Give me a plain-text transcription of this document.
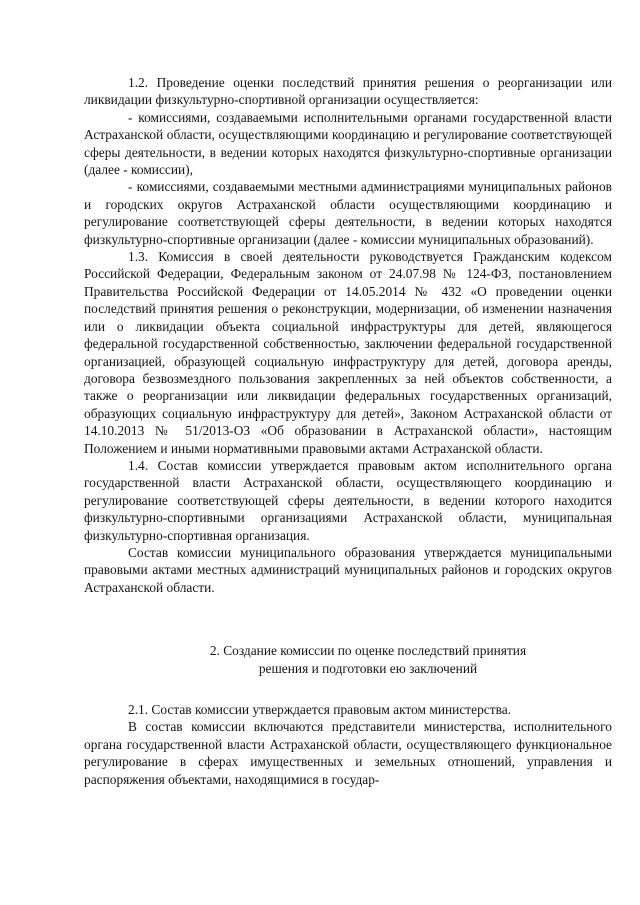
1.2. Проведение оценки последствий принятия решения о реорганизации или ликвидации физкультурно-спортивной организации осуществляется:

- комиссиями, создаваемыми исполнительными органами государственной власти Астраханской области, осуществляющими координацию и регулирование соответствующей сферы деятельности, в ведении которых находятся физкультурно-спортивные организации (далее - комиссии),

- комиссиями, создаваемыми местными администрациями муниципальных районов и городских округов Астраханской области осуществляющими координацию и регулирование соответствующей сферы деятельности, в ведении которых находятся физкультурно-спортивные организации (далее - комиссии муниципальных образований).

1.3. Комиссия в своей деятельности руководствуется Гражданским кодексом Российской Федерации, Федеральным законом от 24.07.98 № 124-ФЗ, постановлением Правительства Российской Федерации от 14.05.2014 № 432 «О проведении оценки последствий принятия решения о реконструкции, модернизации, об изменении назначения или о ликвидации объекта социальной инфраструктуры для детей, являющегося федеральной государственной собственностью, заключении федеральной государственной организацией, образующей социальную инфраструктуру для детей, договора аренды, договора безвозмездного пользования закрепленных за ней объектов собственности, а также о реорганизации или ликвидации федеральных государственных организаций, образующих социальную инфраструктуру для детей», Законом Астраханской области от 14.10.2013 № 51/2013-ОЗ «Об образовании в Астраханской области», настоящим Положением и иными нормативными правовыми актами Астраханской области.

1.4. Состав комиссии утверждается правовым актом исполнительного органа государственной власти Астраханской области, осуществляющего координацию и регулирование соответствующей сферы деятельности, в ведении которого находится физкультурно-спортивными организациями Астраханской области, муниципальная физкультурно-спортивная организация.

Состав комиссии муниципального образования утверждается муниципальными правовыми актами местных администраций муниципальных районов и городских округов Астраханской области.

2. Создание комиссии по оценке последствий принятия
решения и подготовки ею заключений

2.1. Состав комиссии утверждается правовым актом министерства.

В состав комиссии включаются представители министерства, исполнительного органа государственной власти Астраханской области, осуществляющего функциональное регулирование в сферах имущественных и земельных отношений, управления и распоряжения объектами, находящимися в государ-
